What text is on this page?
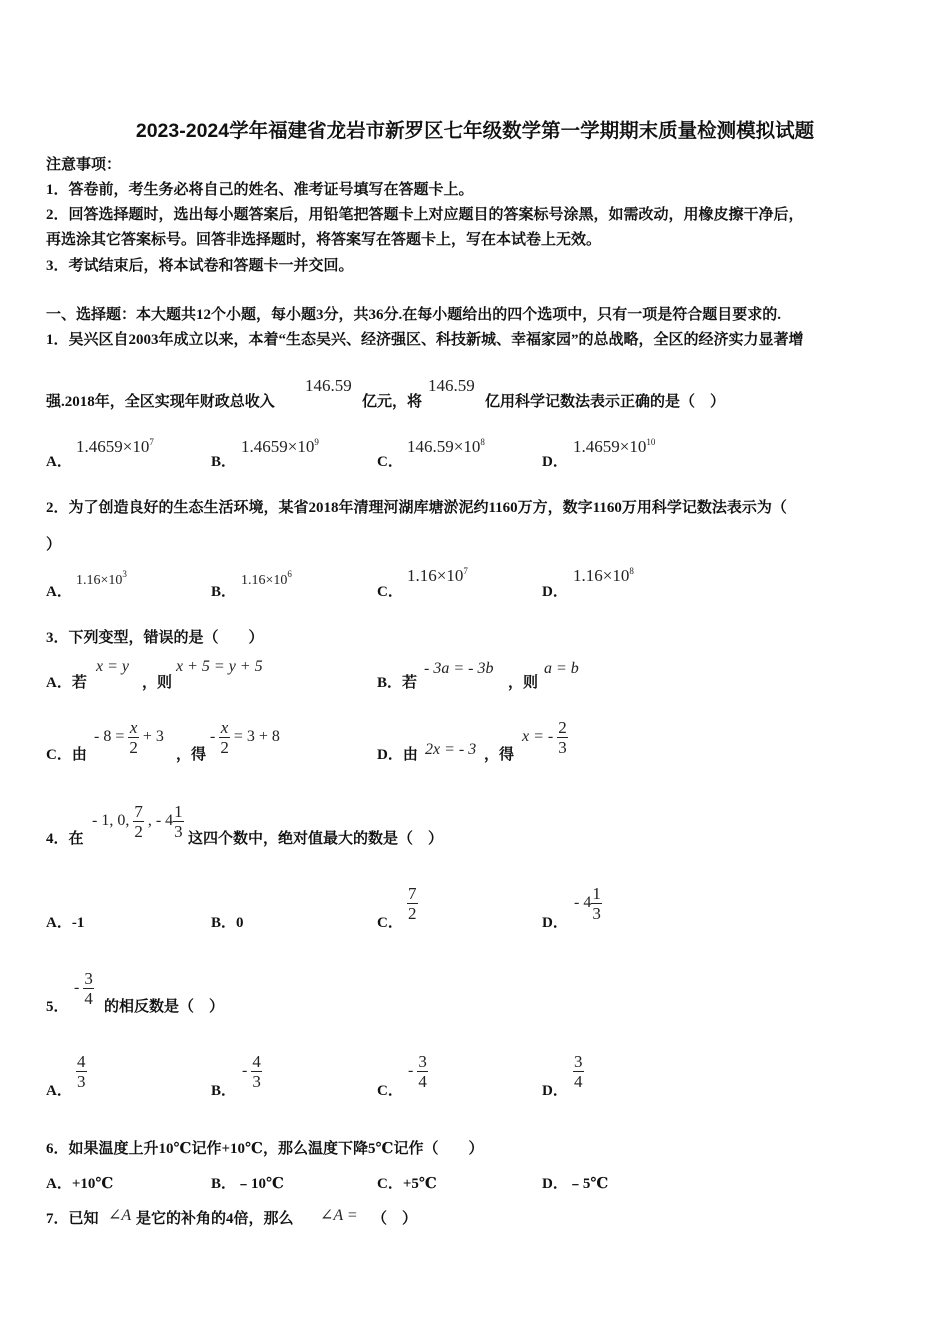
2023-2024学年福建省龙岩市新罗区七年级数学第一学期期末质量检测模拟试题
注意事项：
1．答卷前，考生务必将自己的姓名、准考证号填写在答题卡上。
2．回答选择题时，选出每小题答案后，用铅笔把答题卡上对应题目的答案标号涂黑，如需改动，用橡皮擦干净后，
再选涂其它答案标号。回答非选择题时，将答案写在答题卡上，写在本试卷上无效。
3．考试结束后，将本试卷和答题卡一并交回。
一、选择题：本大题共12个小题，每小题3分，共36分.在每小题给出的四个选项中，只有一项是符合题目要求的.
1．吴兴区自2003年成立以来，本着“生态吴兴、经济强区、科技新城、幸福家园”的总战略，全区的经济实力显著增
强.2018年，全区实现年财政总收入
146.59
亿元，将
146.59
亿用科学记数法表示正确的是（　）
A．
$1.4659\times 10^7$
B．
$1.4659\times 10^9$
C．
$146.59\times 10^8$
D．
$1.4659\times 10^{10}$
2．为了创造良好的生态生活环境，某省2018年清理河湖库塘淤泥约1160万方，数字1160万用科学记数法表示为（
）
A．
$1.16\times 10^3$
B．
$1.16\times 10^6$
C．
$1.16\times 10^7$
D．
$1.16\times 10^8$
3．下列变型，错误的是（　　）
A．若
x = y
，则
x + 5 = y + 5
B．若
- 3a = - 3b
，则
a = b
C．由
- $8 = \frac{x}{2} + 3$
，得
- $\frac{x}{2} = 3 + 8$
D．由 2x = - 3 ，得
x = - $\frac{2}{3}$
4．在
- 1, 0, $\frac{7}{2}$ , - $4 \frac{1}{3}$ 这四个数中，绝对值最大的数是（　）
A．-1	B．0	C． $\frac{7}{2}$	D．
- $4 \frac{1}{3}$
5．
- $\frac{3}{4}$ 的相反数是（　）
A． $\frac{4}{3}$	B．
- $\frac{4}{3}$	C．
- $\frac{3}{4}$	D． $\frac{3}{4}$
6．如果温度上升10℃记作+10℃，那么温度下降5℃记作（　　）
A．+10℃	B．﹣10℃	C．+5℃	D．﹣5℃
7．已知 ∠A 是它的补角的4倍，那么 ∠A = （　）
